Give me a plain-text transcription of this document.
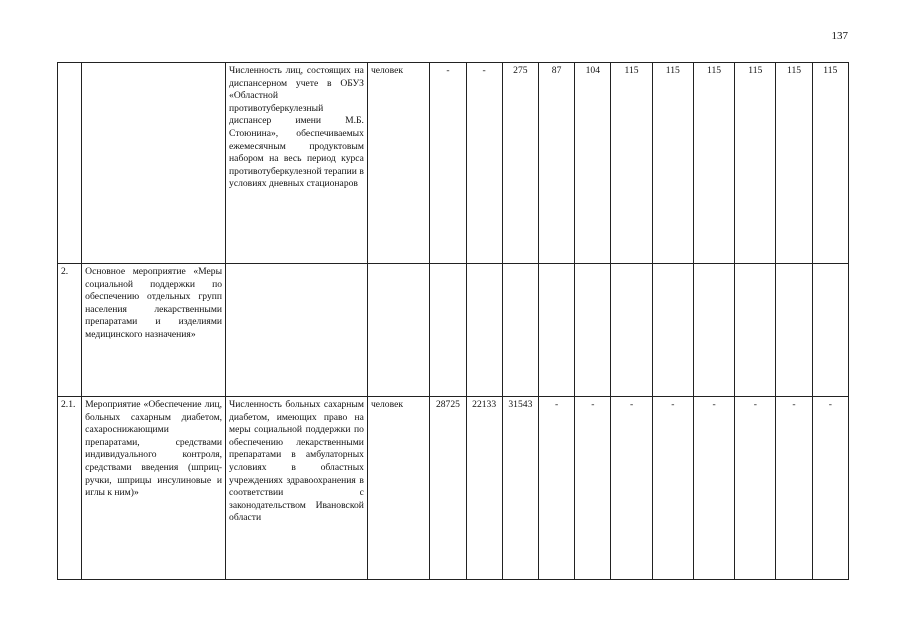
137
		Численность лиц, состоящих на диспансерном учете в ОБУЗ «Областной противотуберкулезный диспансер имени М.Б. Стоюнина», обеспечиваемых ежемесячным продуктовым набором на весь период курса противотуберкулезной терапии в условиях дневных стационаров	человек	-	-	275	87	104	115	115	115	115	115	115
2.	Основное мероприятие «Меры социальной поддержки по обеспечению отдельных групп населения лекарственными препаратами и изделиями медицинского назначения»													
2.1.	Мероприятие «Обеспечение лиц, больных сахарным диабетом, сахароснижающими препаратами, средствами индивидуального контроля, средствами введения (шприц-ручки, шприцы инсулиновые и иглы к ним)»	Численность больных сахарным диабетом, имеющих право на меры социальной поддержки по обеспечению лекарственными препаратами в амбулаторных условиях в областных учреждениях здравоохранения в соответствии с законодательством Ивановской области	человек	28725	22133	31543	-	-	-	-	-	-	-	-
